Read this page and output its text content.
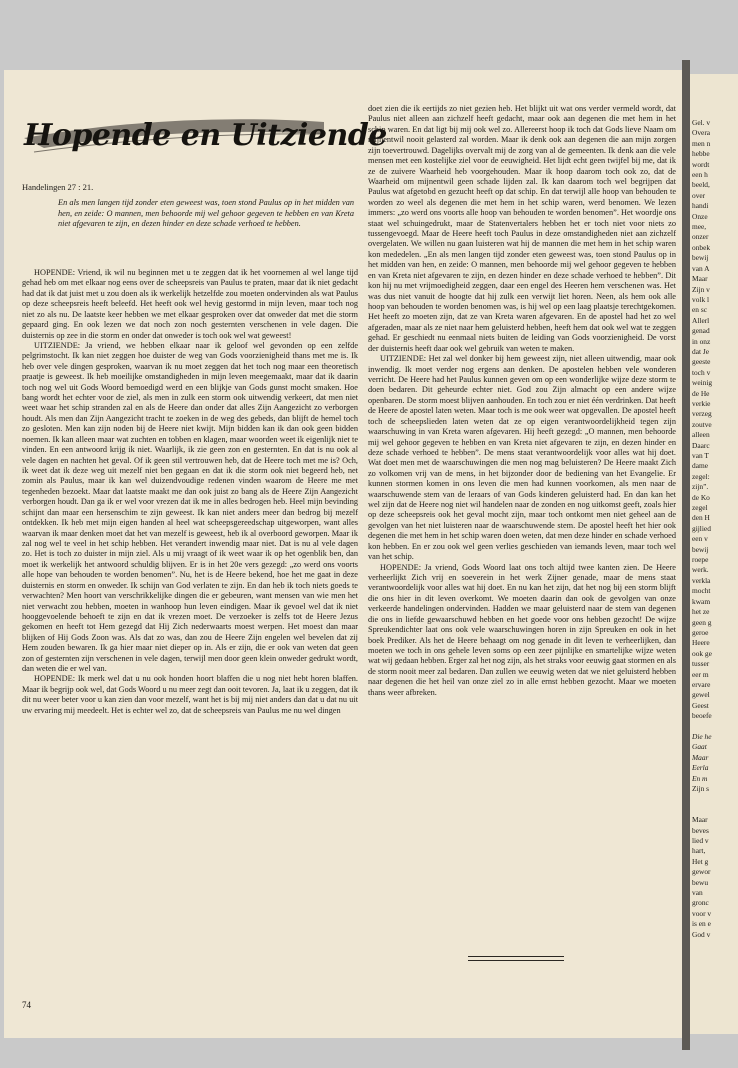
Hopende en Uitziende
Handelingen 27 : 21.
En als men langen tijd zonder eten geweest was, toen stond Paulus op in het midden van hen, en zeide: O mannen, men behoorde mij wel gehoor gegeven te hebben en van Kreta niet afgevaren te zijn, en dezen hinder en deze schade verhoed te hebben.

HOPENDE: Vriend, ik wil nu beginnen met u te zeggen dat ik het voornemen al wel lange tijd gehad heb om met elkaar nog eens over de scheepsreis van Paulus te praten, maar dat ik niet gedacht had dat ik dat juist met u zou doen als ik werkelijk hetzelfde zou moeten ondervinden als wat Paulus op deze scheepsreis heeft beleefd. Het heeft ook wel hevig gestormd in mijn leven, maar toch nog niet zo als nu. De laatste keer hebben we met elkaar gesproken over dat onweder dat met die storm gepaard ging. En ook lezen we dat noch zon noch gesternten verschenen in vele dagen. Die duisternis op zee in die storm en onder dat onweder is toch ook wel wat geweest!

UITZIENDE: Ja vriend, we hebben elkaar naar ik geloof wel gevonden op een zelfde pelgrimstocht. Ik kan niet zeggen hoe duister de weg van Gods voorzienigheid thans met me is. Ik heb over vele dingen gesproken, waarvan ik nu moet zeggen dat het toch nog maar een theoretisch praatje is geweest. Ik heb moeilijke omstandigheden in mijn leven meegemaakt, maar dat ik daarin toch nog wel uit Gods Woord bemoedigd werd en een blijkje van Gods gunst mocht smaken. Hoe bang wordt het echter voor de ziel, als men in zulk een storm ook uitwendig verkeert, dat men niet weet waar het schip stranden zal en als de Heere dan onder dat alles Zijn Aangezicht zo verborgen houdt. Als men dan Zijn Aangezicht tracht te zoeken in de weg des gebeds, dan blijft de hemel toch zo gesloten. Men kan zijn noden bij de Heere niet kwijt. Mijn bidden kan ik dan ook geen bidden noemen. Ik kan alleen maar wat zuchten en tobben en klagen, maar woorden weet ik eigenlijk niet te vinden. En een antwoord krijg ik niet. Waarlijk, ik zie geen zon en gesternten. En dat is nu ook al vele dagen en nachten het geval. Of ik geen stil vertrouwen heb, dat de Heere toch met me is? Och, ik weet dat ik deze weg uit mezelf niet ben gegaan en dat ik die storm ook niet begeerd heb, net zomin als Paulus, maar ik kan wel duizendvoudige redenen vinden waarom de Heere me met tegenheden bezoekt. Maar dat laatste maakt me dan ook juist zo bang als de Heere Zijn Aangezicht verborgen houdt. Dan ga ik er wel voor vrezen dat ik me in alles bedrogen heb. Heel mijn bevinding schijnt dan maar een hersenschim te zijn geweest. Ik kan niet anders meer dan bedrog bij mezelf ontdekken. Ik heb met mijn eigen handen al heel wat scheepsgereedschap uitgeworpen, want alles waarvan ik maar denken moet dat het van mezelf is geweest, heb ik al overboord geworpen. Maar ik zal nog wel te veel in het schip hebben. Het verandert inwendig maar niet. Dat is nu al vele dagen zo. Het is toch zo duister in mijn ziel. Als u mij vraagt of ik weet waar ik op het ogenblik ben, dan moet ik werkelijk het antwoord schuldig blijven. Er is in het 20e vers gezegd: „zo werd ons voorts alle hope van behouden te worden benomen”. Nu, het is de Heere bekend, hoe het me gaat in deze duisternis en storm en onweder. Ik schijn van God verlaten te zijn. En dan heb ik toch niets goeds te verwachten? Men hoort van verschrikkelijke dingen die er gebeuren, want mensen van wie men het niet verwacht zou hebben, moeten in wanhoop hun leven eindigen. Maar ik gevoel wel dat ik niet hooggevoelende behoeft te zijn en dat ik vrezen moet. De verzoeker is zelfs tot de Heere Jezus gekomen en heeft tot Hem gezegd dat Hij Zich nederwaarts moest werpen. Het moest dan maar blijken of Hij Gods Zoon was. Als dat zo was, dan zou de Heere Zijn engelen wel bevelen dat zij Hem zouden bewaren. Ik ga hier maar niet dieper op in. Als er zijn, die er ook van weten dat geen zon of gesternten zijn verschenen in vele dagen, terwijl men door geen klein onweder gedrukt wordt, dan weten die er wel van.

HOPENDE: Ik merk wel dat u nu ook honden hoort blaffen die u nog niet hebt horen blaffen. Maar ik begrijp ook wel, dat Gods Woord u nu meer zegt dan ooit tevoren. Ja, laat ik u zeggen, dat ik dit nu weer beter voor u kan zien dan voor mezelf, want het is bij mij niet anders dan dat u dat nu uit uw ervaring mij meedeelt. Het is echter wel zo, dat de scheepsreis van Paulus me nu wel dingen

doet zien die ik eertijds zo niet gezien heb. Het blijkt uit wat ons verder vermeld wordt, dat Paulus niet alleen aan zichzelf heeft gedacht, maar ook aan degenen die met hem in het schip waren. En dat ligt bij mij ook wel zo. Allereerst hoop ik toch dat Gods lieve Naam om mijnentwil nooit gelasterd zal worden. Maar ik denk ook aan degenen die aan mijn zorgen zijn toevertrouwd. Dagelijks overvalt mij de zorg van al de gemeenten. Ik denk aan die vele mensen met een kostelijke ziel voor de eeuwigheid. Het lijdt echt geen twijfel bij me, dat ik ze de zuivere Waarheid heb voorgehouden. Maar ik hoop daarom toch ook zo, dat de Waarheid om mijnentwil geen schade lijden zal. Ik kan daarom toch wel begrijpen dat Paulus wat afgetobd en gezucht heeft op dat schip. En dat terwijl alle hoop van behouden te worden zo weel als degenen die met hem in het schip waren, werd benomen. We lezen immers: „zo werd ons voorts alle hoop van behouden te worden benomen”. Het woordje ons staat wel schuingedrukt, maar de Statenvertalers hebben het er toch niet voor niets zo tussengevoegd. Maar de Heere heeft toch Paulus in deze omstandigheden niet aan zichzelf overgelaten. We willen nu gaan luisteren wat hij de mannen die met hem in het schip waren kon mededelen. „En als men langen tijd zonder eten geweest was, toen stond Paulus op in het midden van hen, en zeide: O mannen, men behoorde mij wel gehoor gegeven te hebben en van Kreta niet afgevaren te zijn, en dezen hinder en deze schade verhoed te hebben”. Dit kon hij nu met vrijmoedigheid zeggen, daar een engel des Heeren hem verschenen was. Het was dus niet vanuit de hoogte dat hij zulk een verwijt liet horen. Neen, als hem ook alle hoop van behouden te worden benomen was, is hij wel op een laag plaatsje terechtgekomen. Het heeft zo moeten zijn, dat ze van Kreta waren afgevaren. En de apostel had het zo wel afgeraden, maar als ze niet naar hem geluisterd hebben, heeft hem dat ook wel wat te zeggen gehad. Er geschiedt nu eenmaal niets buiten de leiding van Gods voorzienigheid. De vorst der duisternis heeft daar ook wel gebruik van weten te maken.

UITZIENDE: Het zal wel donker bij hem geweest zijn, niet alleen uitwendig, maar ook inwendig. Ik moet verder nog ergens aan denken. De apostelen hebben vele wonderen verricht. De Heere had het Paulus kunnen geven om op een wonderlijke wijze deze storm te doen bedaren. Dit geheurde echter niet. God zou Zijn almacht op een andere wijze openbaren. De storm moest blijven aanhouden. En toch zou er niet één verdrinken. Dat heeft de Heere de apostel laten weten. Maar toch is me ook weer wat opgevallen. De apostel heeft toch de scheepslieden laten weten dat ze op eigen verantwoordelijkheid tegen zijn waarschuwing in van Kreta waren afgevaren. Hij heeft gezegd: „O mannen, men behoorde mij wel gehoor gegeven te hebben en van Kreta niet afgevaren te zijn, en dezen hinder en deze schade verhoed te hebben”. De mens staat verantwoordelijk voor alles wat hij doet. Wat doet men met de waarschuwingen die men nog mag beluisteren? De Heere maakt Zich zo volkomen vrij van de mens, in het bijzonder door de bediening van het Evangelie. Er kunnen stormen komen in ons leven die men had kunnen voorkomen, als men naar de waarschuwende stem van de leraars of van Gods kinderen geluisterd had. En dan kan het wel zijn dat de Heere nog niet wil handelen naar de zonden en nog uitkomst geeft, zoals hier op deze scheepsreis ook het geval mocht zijn, maar toch ontkomt men niet geheel aan de gevolgen van het niet luisteren naar de waarschuwende stem. De apostel heeft het hier ook degenen die met hem in het schip waren doen weten, dat men deze hinder en schade verhoed kon hebben. En er zou ook wel geen verlies geschieden van iemands leven, maar toch wel van het schip.

HOPENDE: Ja vriend, Gods Woord laat ons toch altijd twee kanten zien. De Heere verheerlijkt Zich vrij en soeverein in het werk Zijner genade, maar de mens staat verantwoordelijk voor alles wat hij doet. En nu kan het zijn, dat het nog bij een storm blijft die ons hier in dit leven overkomt. We moeten daarin dan ook de gevolgen van onze verkeerde handelingen ondervinden. Hadden we maar geluisterd naar de stem van degenen die ons in liefde gewaarschuwd hebben en het goede voor ons hebben gezocht! De wijze Spreukendichter laat ons ook vele waarschuwingen horen in zijn Spreuken en ook in het boek Prediker. Als het de Heere behaagt om nog genade in dit leven te verheerlijken, dan moeten we toch in ons gehele leven soms op een zeer pijnlijke en smartelijke wijze weten wat wij gedaan hebben. Erger zal het nog zijn, als het straks voor eeuwig gaat stormen en als de storm nooit meer zal bedaren. Dan zullen we eeuwig weten dat we niet geluisterd hebben naar degenen die het heil van onze ziel zo in alle ernst hebben gezocht. Maar we moeten thans weer afbreken.

74
Gel. v
Overa
men n
hebbe
wordt
een h
beeld,
over
handi
Onze
mee,
onzer
onbek
bewij
van A
Maar
Zijn v
volk l
en sc
Allerl
genad
in onz
dat Je
geeste
toch v
weinig
de He
verkie
verzeg
zoutve
alleen
Daarc
van T
dame
zegel:
zijn”.
de Ko
zegel
den H
gijlied
een v
bewij
roepe
werk.
verkla
mocht
kwam
het ze
geen g
geroe
Heere
ook ge
tusser
eer m
ervare
gewel
Geest
beoefe
Die he
Gaat
Maar
Eerla
En m
Zijn s
Maar
beves
lied v
hart,
Het g
gewor
bewu
van
gronc
voor v
is en e
God v
